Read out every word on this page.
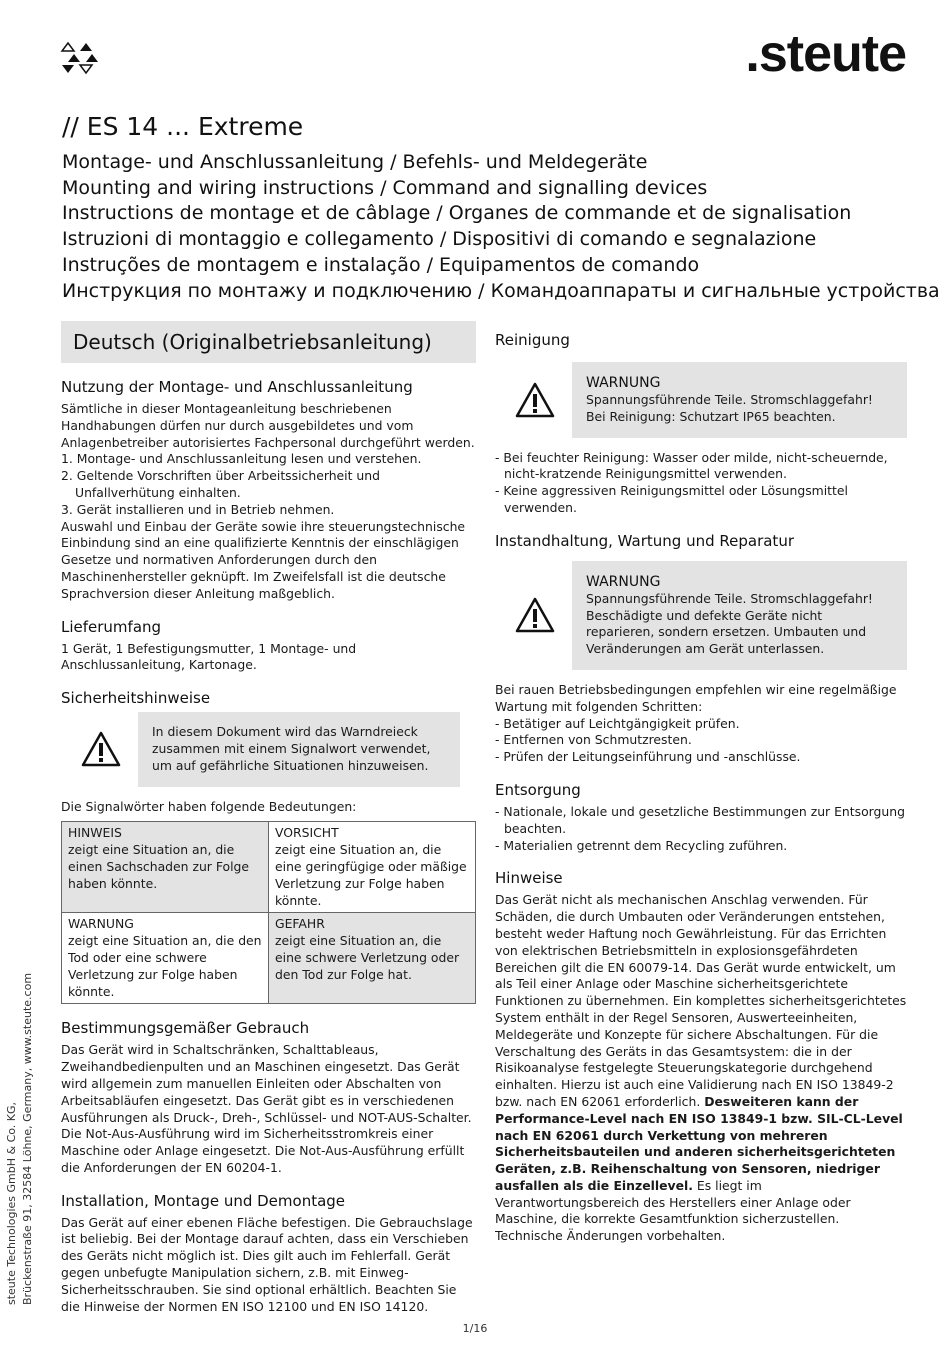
.steute
// ES 14 ... Extreme
Montage- und Anschlussanleitung / Befehls- und Meldegeräte
Mounting and wiring instructions / Command and signalling devices
Instructions de montage et de câblage / Organes de commande et de signalisation
Istruzioni di montaggio e collegamento / Dispositivi di comando e segnalazione
Instruções de montagem e instalação / Equipamentos de comando
Инструкция по монтажу и подключению / Командоаппараты и сигнальные устройства
Deutsch (Originalbetriebsanleitung)
Nutzung der Montage- und Anschlussanleitung

Sämtliche in dieser Montageanleitung beschriebenen Handhabungen dürfen nur durch ausgebildetes und vom Anlagenbetreiber autorisiertes Fachpersonal durchgeführt werden.

1. Montage- und Anschlussanleitung lesen und verstehen.
2. Geltende Vorschriften über Arbeitssicherheit und Unfallverhütung einhalten.
3. Gerät installieren und in Betrieb nehmen.

Auswahl und Einbau der Geräte sowie ihre steuerungstechnische Einbindung sind an eine qualifizierte Kenntnis der einschlägigen Gesetze und normativen Anforderungen durch den Maschinenhersteller geknüpft. Im Zweifelsfall ist die deutsche Sprachversion dieser Anleitung maßgeblich.

Lieferumfang

1 Gerät, 1 Befestigungsmutter, 1 Montage- und Anschlussanleitung, Kartonage.

Sicherheitshinweise
In diesem Dokument wird das Warndreieck zusammen mit einem Signalwort verwendet, um auf gefährliche Situationen hinzuweisen.

Die Signalwörter haben folgende Bedeutungen:

HINWEIS
zeigt eine Situation an, die einen Sachschaden zur Folge haben könnte.	VORSICHT
zeigt eine Situation an, die eine geringfügige oder mäßige Verletzung zur Folge haben könnte.
WARNUNG
zeigt eine Situation an, die den Tod oder eine schwere Verletzung zur Folge haben könnte.	GEFAHR
zeigt eine Situation an, die eine schwere Verletzung oder den Tod zur Folge hat.
Bestimmungsgemäßer Gebrauch

Das Gerät wird in Schaltschränken, Schalttableaus, Zweihandbedienpulten und an Maschinen eingesetzt. Das Gerät wird allgemein zum manuellen Einleiten oder Abschalten von Arbeitsabläufen eingesetzt. Das Gerät gibt es in verschiedenen Ausführungen als Druck-, Dreh-, Schlüssel- und NOT-AUS-Schalter. Die Not-Aus-Ausführung wird im Sicherheitsstromkreis einer Maschine oder Anlage eingesetzt. Die Not-Aus-Ausführung erfüllt die Anforderungen der EN 60204-1.

Installation, Montage und Demontage

Das Gerät auf einer ebenen Fläche befestigen. Die Gebrauchslage ist beliebig. Bei der Montage darauf achten, dass ein Verschieben des Geräts nicht möglich ist. Dies gilt auch im Fehlerfall. Gerät gegen unbefugte Manipulation sichern, z.B. mit Einweg-Sicherheitsschrauben. Sie sind optional erhältlich. Beachten Sie die Hinweise der Normen EN ISO 12100 und EN ISO 14120.

Reinigung
WARNUNG
Spannungsführende Teile. Stromschlaggefahr! Bei Reinigung: Schutzart IP65 beachten.
- Bei feuchter Reinigung: Wasser oder milde, nicht-scheuernde, nicht-kratzende Reinigungsmittel verwenden.
- Keine aggressiven Reinigungsmittel oder Lösungsmittel verwenden.
Instandhaltung, Wartung und Reparatur
WARNUNG
Spannungsführende Teile. Stromschlaggefahr! Beschädigte und defekte Geräte nicht reparieren, sondern ersetzen. Umbauten und Veränderungen am Gerät unterlassen.

Bei rauen Betriebsbedingungen empfehlen wir eine regelmäßige Wartung mit folgenden Schritten:

- Betätiger auf Leichtgängigkeit prüfen.
- Entfernen von Schmutzresten.
- Prüfen der Leitungseinführung und -anschlüsse.
Entsorgung
- Nationale, lokale und gesetzliche Bestimmungen zur Entsorgung beachten.
- Materialien getrennt dem Recycling zuführen.
Hinweise

Das Gerät nicht als mechanischen Anschlag verwenden. Für Schäden, die durch Umbauten oder Veränderungen entstehen, besteht weder Haftung noch Gewährleistung. Für das Errichten von elektrischen Betriebsmitteln in explosionsgefährdeten Bereichen gilt die EN 60079-14. Das Gerät wurde entwickelt, um als Teil einer Anlage oder Maschine sicherheitsgerichtete Funktionen zu übernehmen. Ein komplettes sicherheitsgerichtetes System enthält in der Regel Sensoren, Auswerteeinheiten, Meldegeräte und Konzepte für sichere Abschaltungen. Für die Verschaltung des Geräts in das Gesamtsystem: die in der Risikoanalyse festgelegte Steuerungskategorie durchgehend einhalten. Hierzu ist auch eine Validierung nach EN ISO 13849-2 bzw. nach EN 62061 erforderlich. Desweiteren kann der Performance-Level nach EN ISO 13849-1 bzw. SIL-CL-Level nach EN 62061 durch Verkettung von mehreren Sicherheitsbauteilen und anderen sicherheitsgerichteten Geräten, z.B. Reihenschaltung von Sensoren, niedriger ausfallen als die Einzellevel. Es liegt im Verantwortungsbereich des Herstellers einer Anlage oder Maschine, die korrekte Gesamtfunktion sicherzustellen. Technische Änderungen vorbehalten.

steute Technologies GmbH & Co. KG, Brückenstraße 91, 32584 Löhne, Germany, www.steute.com
1/16
